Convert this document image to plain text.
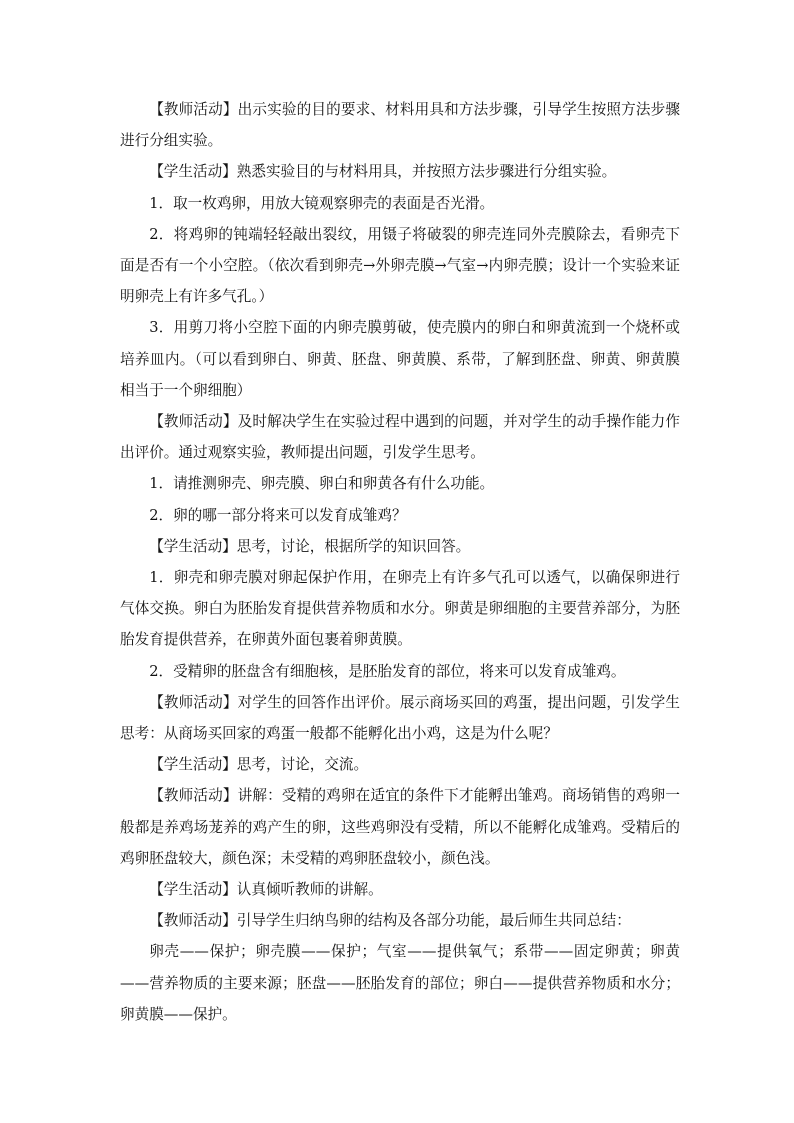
【教师活动】出示实验的目的要求、材料用具和方法步骤，引导学生按照方法步骤进行分组实验。

【学生活动】熟悉实验目的与材料用具，并按照方法步骤进行分组实验。

1．取一枚鸡卵，用放大镜观察卵壳的表面是否光滑。

2．将鸡卵的钝端轻轻敲出裂纹，用镊子将破裂的卵壳连同外壳膜除去，看卵壳下面是否有一个小空腔。（依次看到卵壳→外卵壳膜→气室→内卵壳膜；设计一个实验来证明卵壳上有许多气孔。）

3．用剪刀将小空腔下面的内卵壳膜剪破，使壳膜内的卵白和卵黄流到一个烧杯或培养皿内。（可以看到卵白、卵黄、胚盘、卵黄膜、系带，了解到胚盘、卵黄、卵黄膜相当于一个卵细胞）

【教师活动】及时解决学生在实验过程中遇到的问题，并对学生的动手操作能力作出评价。通过观察实验，教师提出问题，引发学生思考。

1．请推测卵壳、卵壳膜、卵白和卵黄各有什么功能。

2．卵的哪一部分将来可以发育成雏鸡？

【学生活动】思考，讨论，根据所学的知识回答。

1．卵壳和卵壳膜对卵起保护作用，在卵壳上有许多气孔可以透气，以确保卵进行气体交换。卵白为胚胎发育提供营养物质和水分。卵黄是卵细胞的主要营养部分，为胚胎发育提供营养，在卵黄外面包裹着卵黄膜。

2．受精卵的胚盘含有细胞核，是胚胎发育的部位，将来可以发育成雏鸡。

【教师活动】对学生的回答作出评价。展示商场买回的鸡蛋，提出问题，引发学生思考：从商场买回家的鸡蛋一般都不能孵化出小鸡，这是为什么呢？

【学生活动】思考，讨论，交流。

【教师活动】讲解：受精的鸡卵在适宜的条件下才能孵出雏鸡。商场销售的鸡卵一般都是养鸡场茏养的鸡产生的卵，这些鸡卵没有受精，所以不能孵化成雏鸡。受精后的鸡卵胚盘较大，颜色深；未受精的鸡卵胚盘较小，颜色浅。

【学生活动】认真倾听教师的讲解。

【教师活动】引导学生归纳鸟卵的结构及各部分功能，最后师生共同总结：

卵壳——保护；卵壳膜——保护；气室——提供氧气；系带——固定卵黄；卵黄——营养物质的主要来源；胚盘——胚胎发育的部位；卵白——提供营养物质和水分；卵黄膜——保护。
